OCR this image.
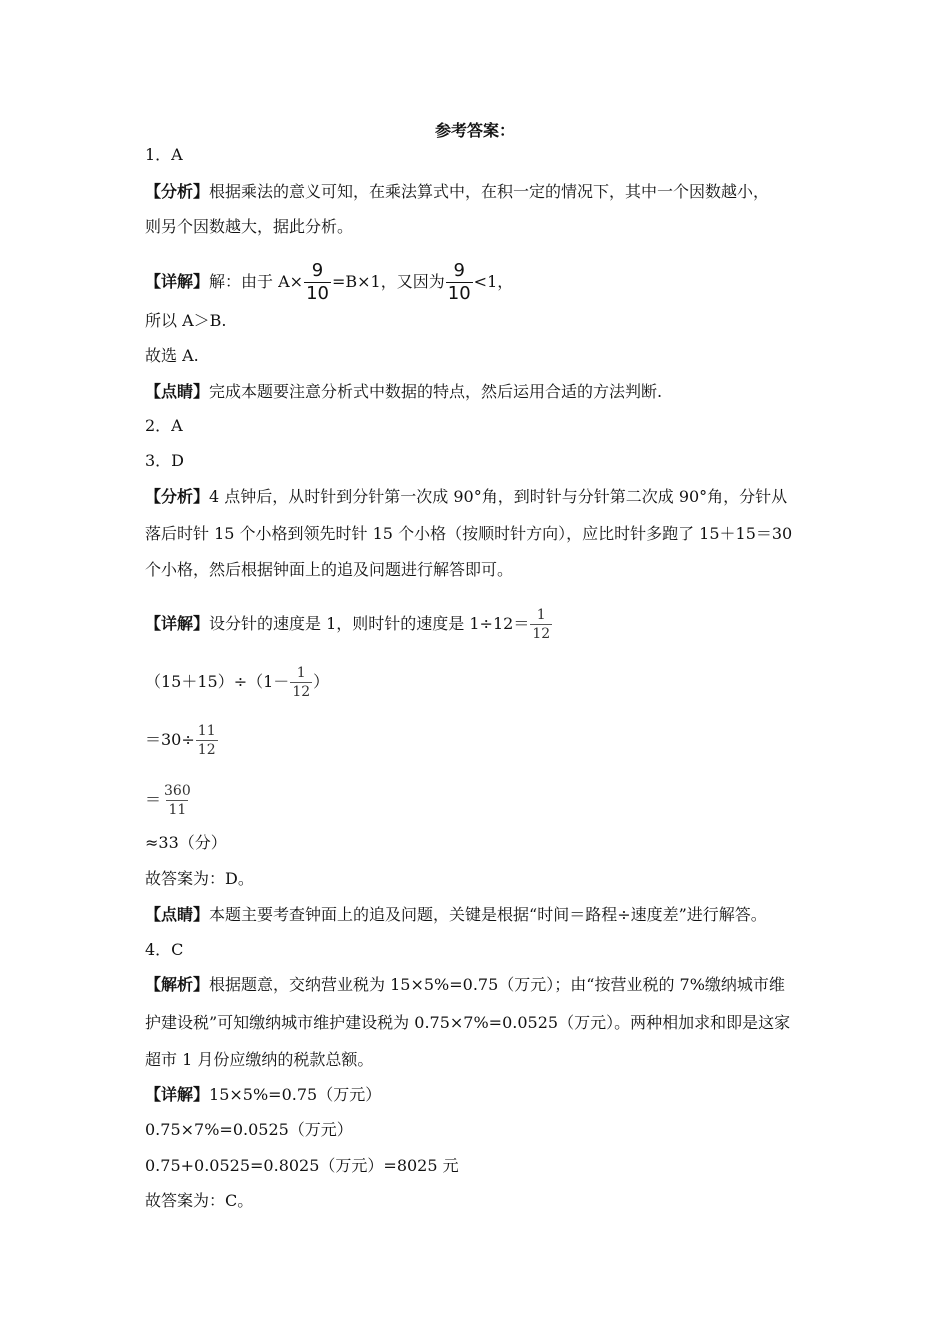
参考答案：
1．A
【分析】根据乘法的意义可知，在乘法算式中，在积一定的情况下，其中一个因数越小，
则另个因数越大，据此分析。
【详解】解：由于 $A\times \frac{9}{10} =B\times 1$，又因为 $\frac{9}{10} <1$，
所以 A＞B.
故选 A.
【点睛】完成本题要注意分析式中数据的特点，然后运用合适的方法判断.
2．A
3．D
【分析】4 点钟后，从时针到分针第一次成 90°角，到时针与分针第二次成 90°角，分针从
落后时针 15 个小格到领先时针 15 个小格（按顺时针方向），应比时针多跑了 15＋15＝30
个小格，然后根据钟面上的追及问题进行解答即可。
【详解】设分针的速度是 1，则时针的速度是 $1\div 12= \frac{1}{12}$
$(15+15)\div(1- \frac{1}{12}$ ）
$=30\div \frac{11}{12}$
＝ $\frac{360}{11}$
≈33（分）
故答案为：D。
【点睛】本题主要考查钟面上的追及问题，关键是根据“时间＝路程÷速度差”进行解答。
4．C
【解析】根据题意，交纳营业税为 15×5%=0.75（万元）；由“按营业税的 7%缴纳城市维
护建设税”可知缴纳城市维护建设税为 0.75×7%=0.0525（万元）。两种相加求和即是这家
超市 1 月份应缴纳的税款总额。
【详解】15×5%=0.75（万元）
0.75×7%=0.0525（万元）
0.75+0.0525=0.8025（万元）=8025 元
故答案为：C。
